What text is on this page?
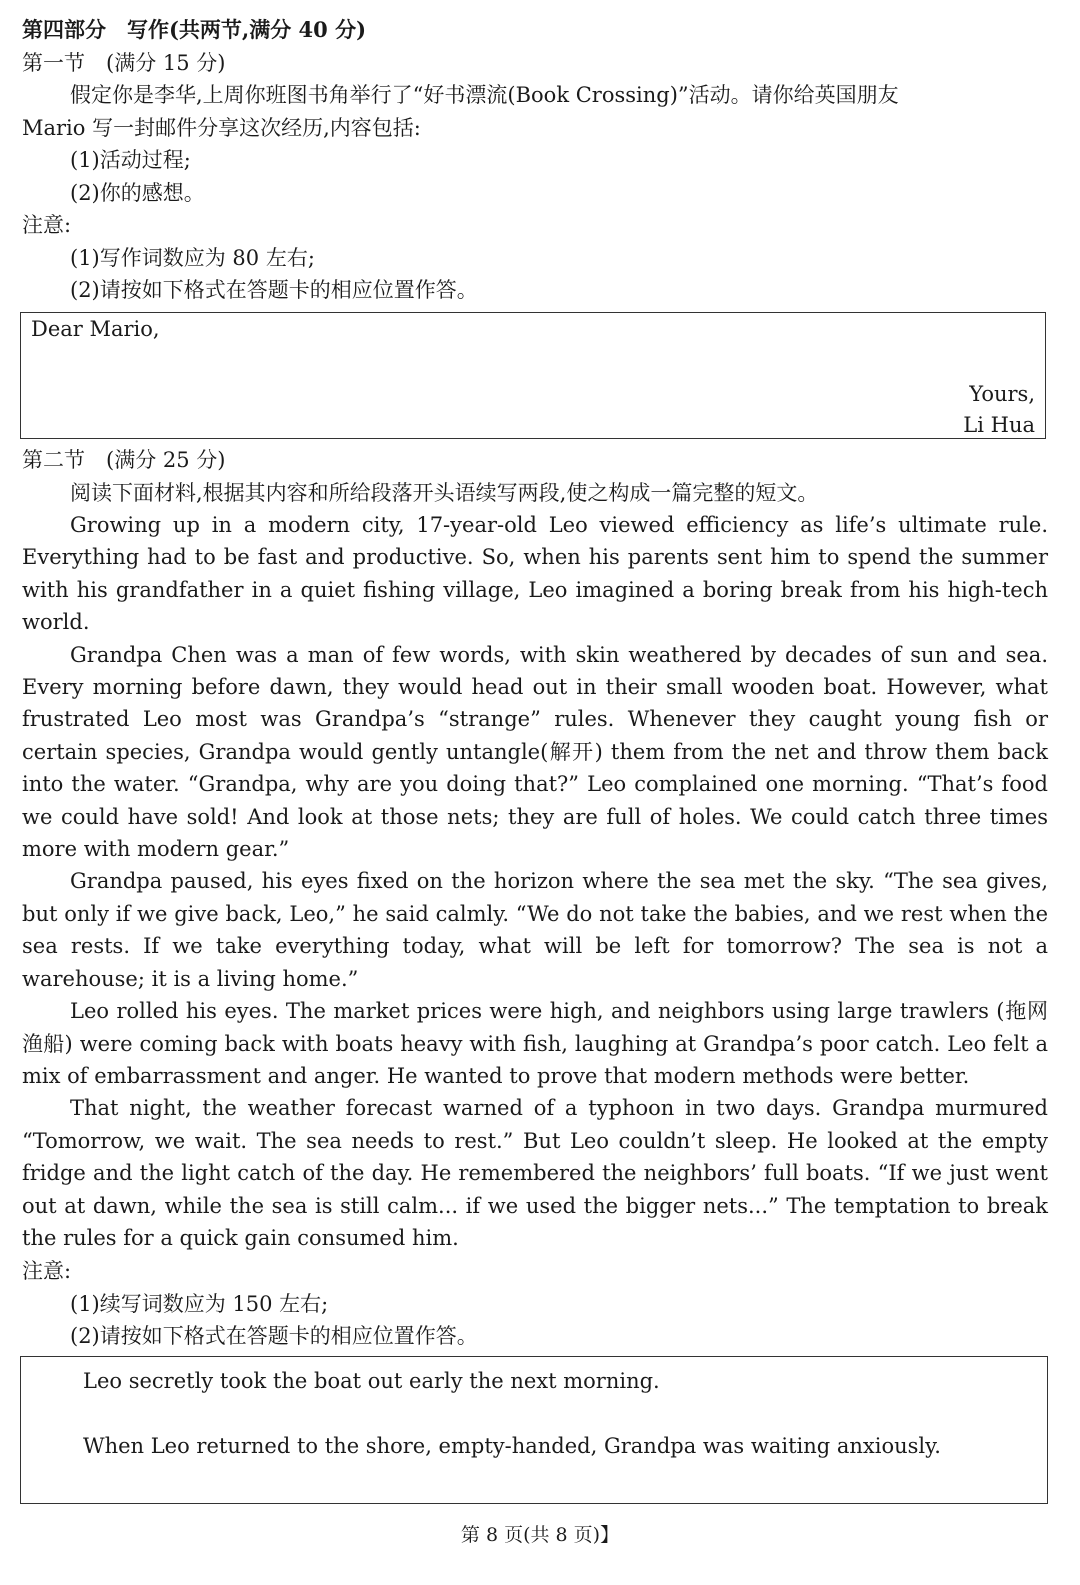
第四部分　写作(共两节,满分 40 分)
第一节　(满分 15 分)
假定你是李华,上周你班图书角举行了“好书漂流(Book Crossing)”活动。请你给英国朋友
Mario 写一封邮件分享这次经历,内容包括:
(1)活动过程;
(2)你的感想。
注意:
(1)写作词数应为 80 左右;
(2)请按如下格式在答题卡的相应位置作答。
Dear Mario,
Yours,
Li Hua
第二节　(满分 25 分)
阅读下面材料,根据其内容和所给段落开头语续写两段,使之构成一篇完整的短文。

Growing up in a modern city, 17-year-old Leo viewed efficiency as life’s ultimate rule. Everything had to be fast and productive. So, when his parents sent him to spend the summer with his grandfather in a quiet fishing village, Leo imagined a boring break from his high-tech world.

Grandpa Chen was a man of few words, with skin weathered by decades of sun and sea. Every morning before dawn, they would head out in their small wooden boat. However, what frustrated Leo most was Grandpa’s “strange” rules. Whenever they caught young fish or certain species, Grandpa would gently untangle(解开) them from the net and throw them back into the water. “Grandpa, why are you doing that?” Leo complained one morning. “That’s food we could have sold! And look at those nets; they are full of holes. We could catch three times more with modern gear.”

Grandpa paused, his eyes fixed on the horizon where the sea met the sky. “The sea gives, but only if we give back, Leo,” he said calmly. “We do not take the babies, and we rest when the sea rests. If we take everything today, what will be left for tomorrow? The sea is not a warehouse; it is a living home.”

Leo rolled his eyes. The market prices were high, and neighbors using large trawlers (拖网渔船) were coming back with boats heavy with fish, laughing at Grandpa’s poor catch. Leo felt a mix of embarrassment and anger. He wanted to prove that modern methods were better.

That night, the weather forecast warned of a typhoon in two days. Grandpa murmured “Tomorrow, we wait. The sea needs to rest.” But Leo couldn’t sleep. He looked at the empty fridge and the light catch of the day. He remembered the neighbors’ full boats. “If we just went out at dawn, while the sea is still calm... if we used the bigger nets...” The temptation to break the rules for a quick gain consumed him.

注意:
(1)续写词数应为 150 左右;
(2)请按如下格式在答题卡的相应位置作答。
Leo secretly took the boat out early the next morning.
When Leo returned to the shore, empty-handed, Grandpa was waiting anxiously.
第 8 页(共 8 页)】
